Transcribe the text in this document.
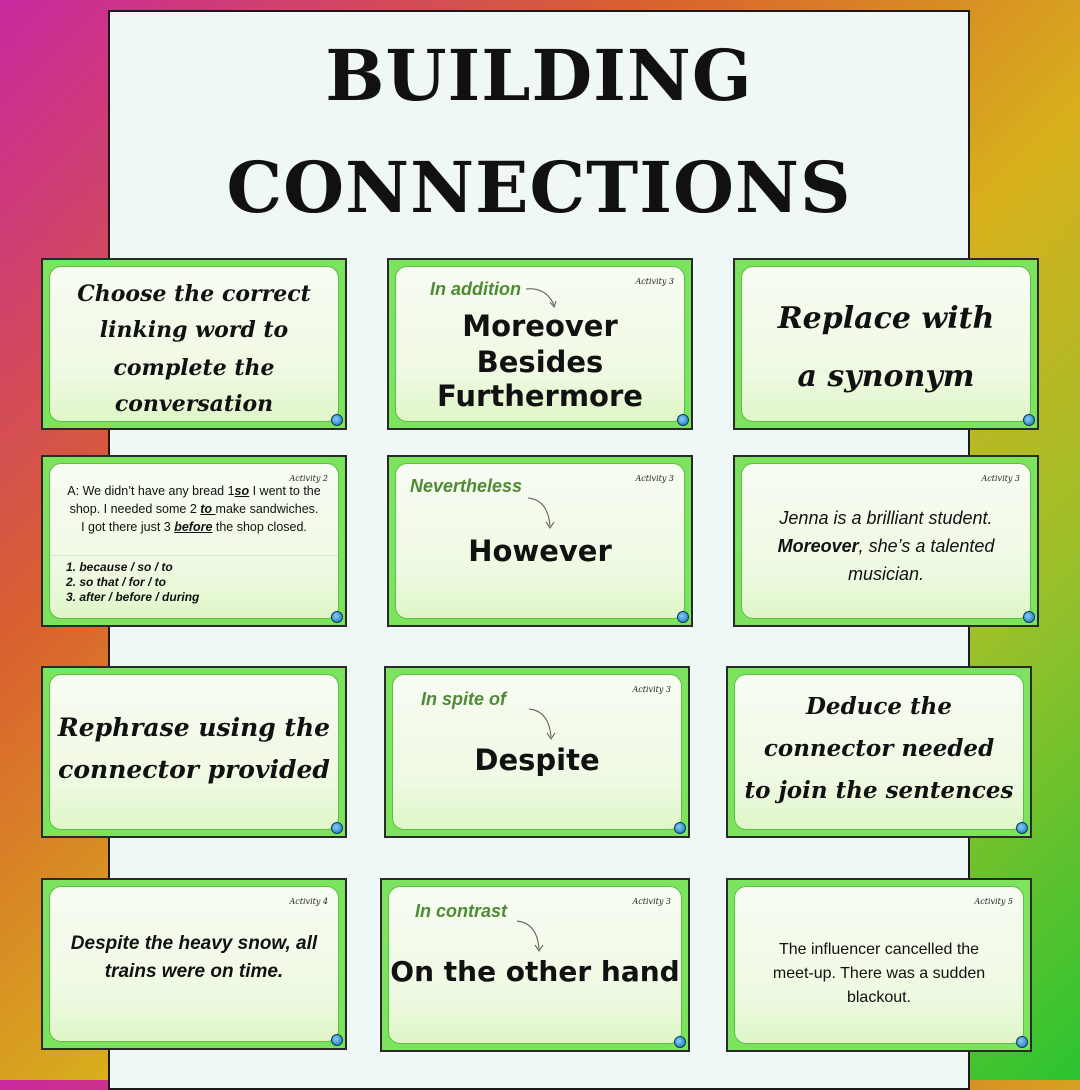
BUILDING
CONNECTIONS
Choose the correct
linking word to
complete the
conversation
Activity 3
In addition
Moreover
Besides
Furthermore
Replace with
a synonym
Activity 2
A: We didn’t have any bread 1so I went to the
shop. I needed some 2 to make sandwiches.
I got there just 3 before the shop closed.
1. because / so / to
2. so that / for / to
3. after / before / during
Activity 3
Nevertheless
However
Activity 3
Jenna is a brilliant student.
Moreover, she’s a talented
musician.
Rephrase using the
connector provided
Activity 3
In spite of
Despite
Deduce the
connector needed
to join the sentences
Activity 4
Despite the heavy snow, all
trains were on time.
Activity 3
In contrast
On the other hand
Activity 5
The influencer cancelled the
meet-up. There was a sudden
blackout.
